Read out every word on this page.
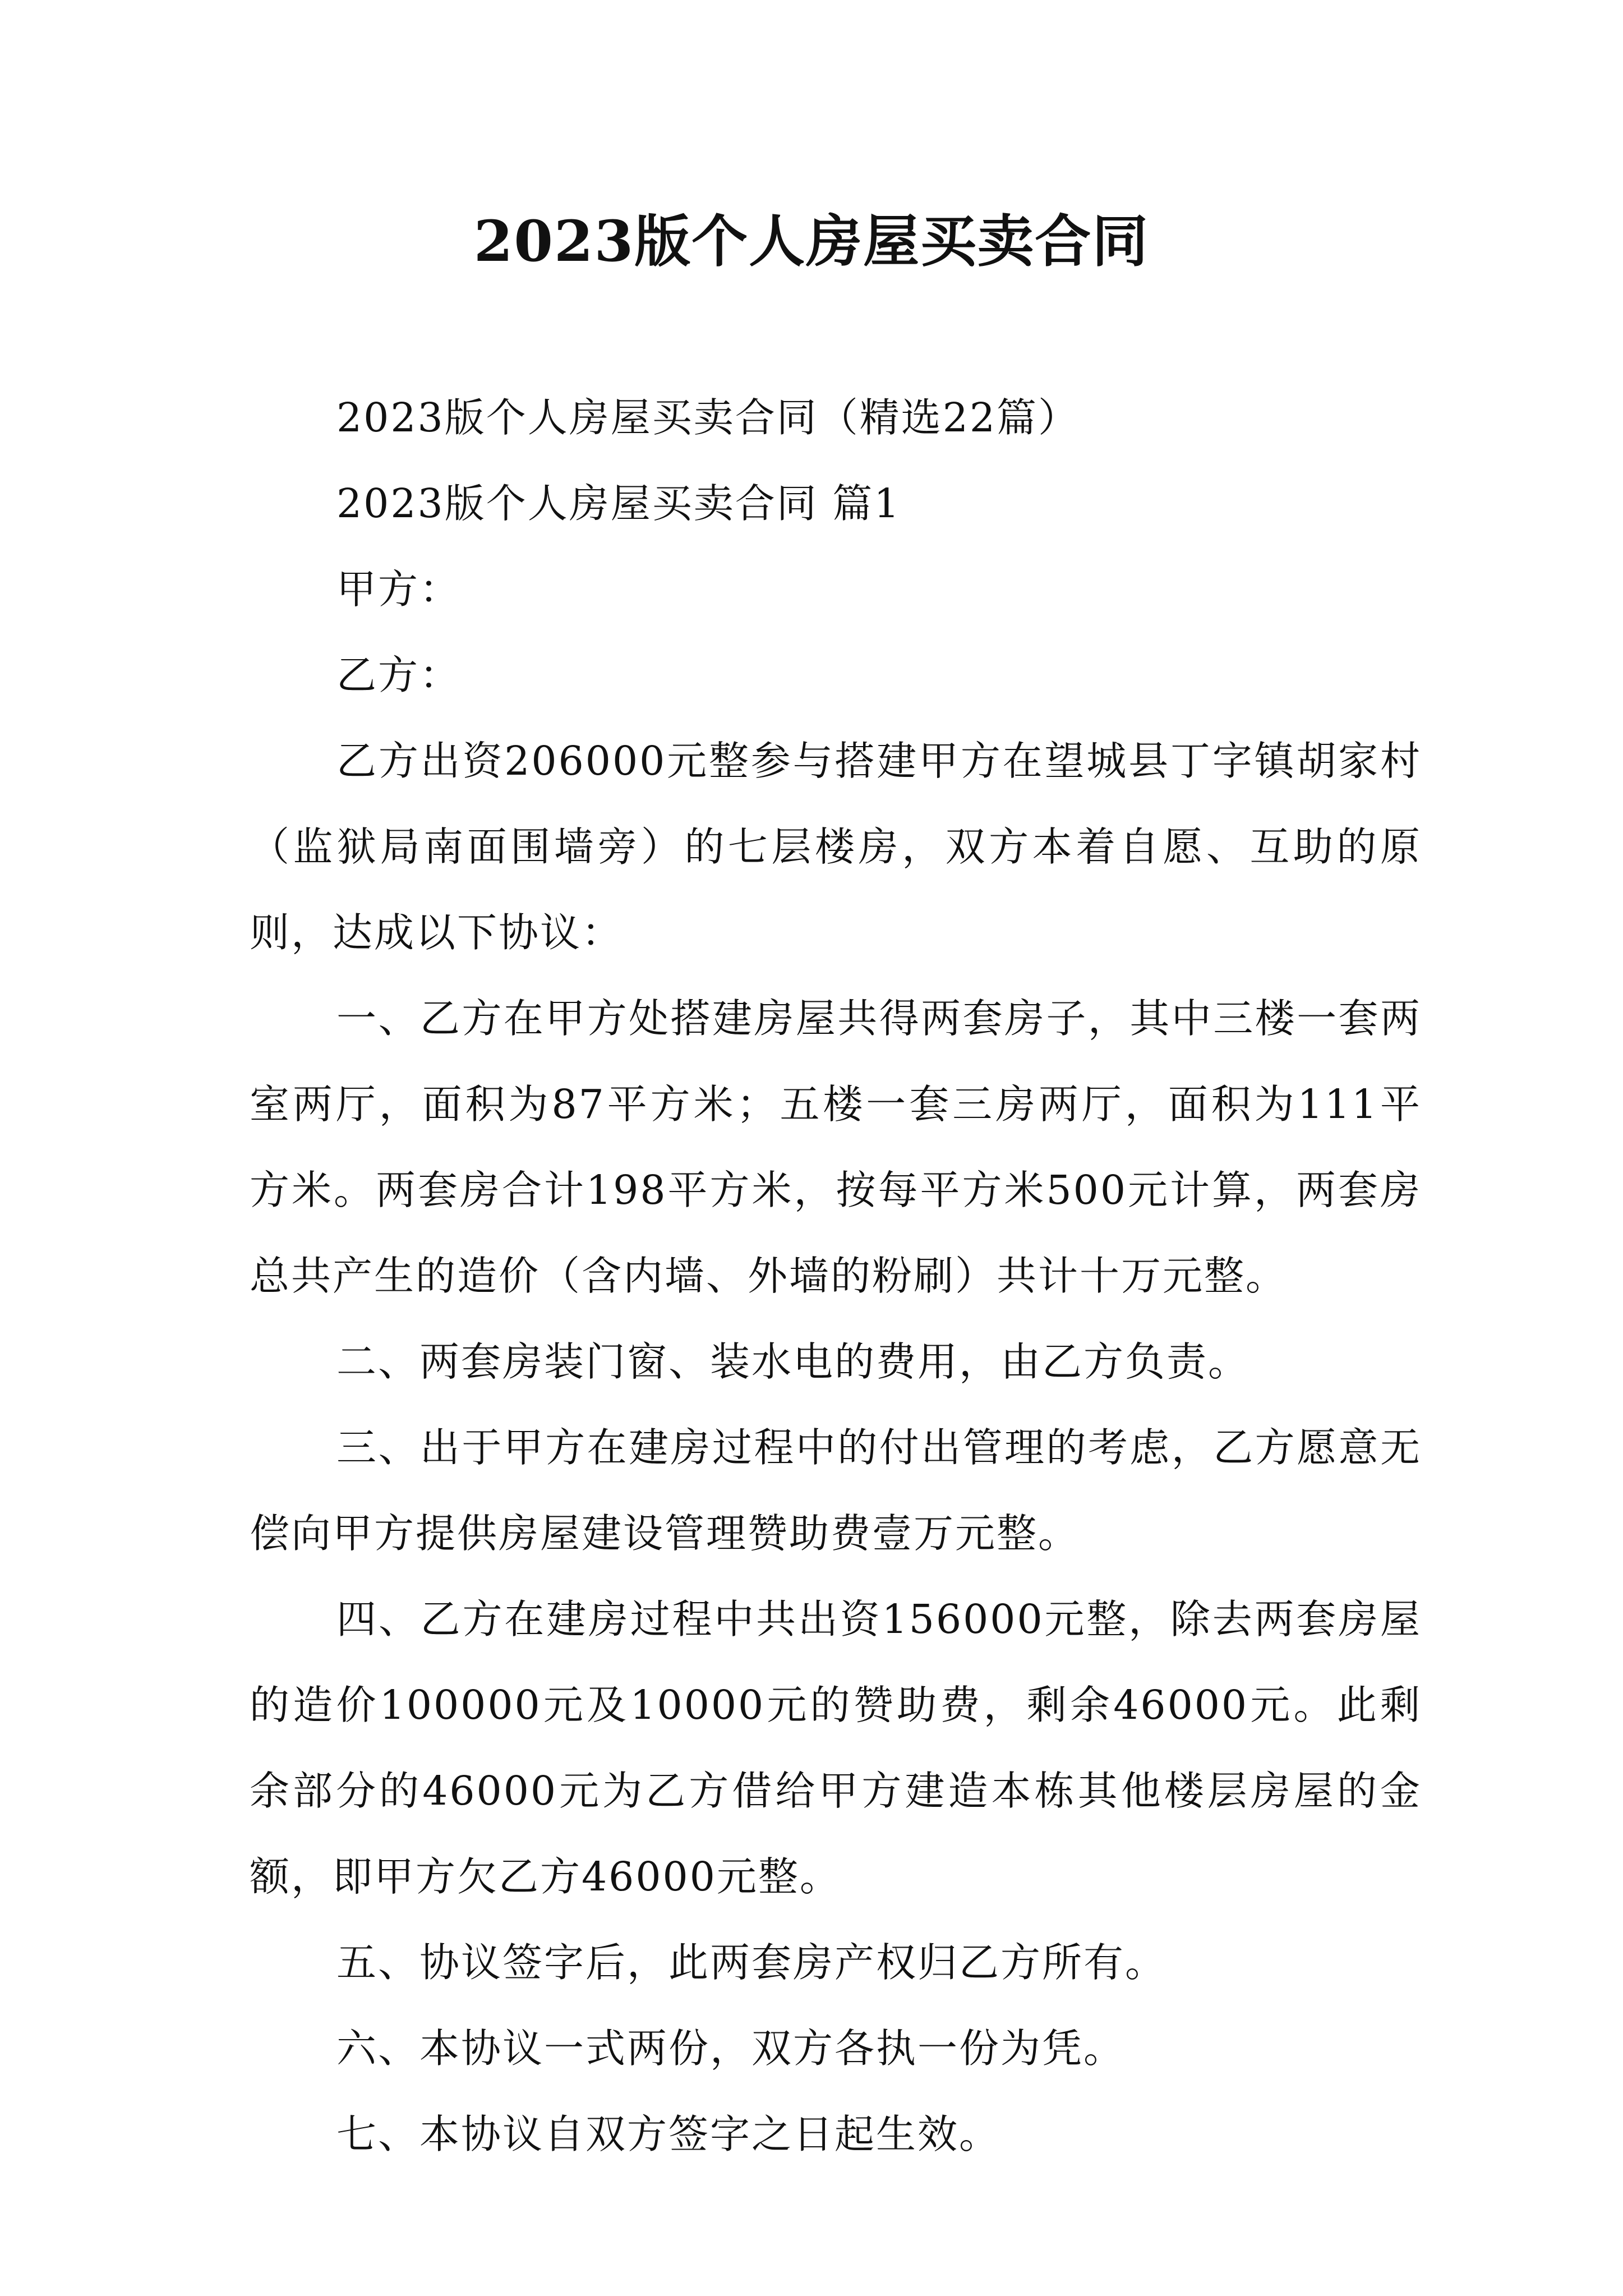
2023版个人房屋买卖合同

2023版个人房屋买卖合同（精选22篇）

2023版个人房屋买卖合同 篇1

甲方：

乙方：

乙方出资206000元整参与搭建甲方在望城县丁字镇胡家村（监狱局南面围墙旁）的七层楼房，双方本着自愿、互助的原则，达成以下协议：

一、乙方在甲方处搭建房屋共得两套房子，其中三楼一套两室两厅，面积为87平方米；五楼一套三房两厅，面积为111平方米。两套房合计198平方米，按每平方米500元计算，两套房总共产生的造价（含内墙、外墙的粉刷）共计十万元整。

二、两套房装门窗、装水电的费用，由乙方负责。

三、出于甲方在建房过程中的付出管理的考虑，乙方愿意无偿向甲方提供房屋建设管理赞助费壹万元整。

四、乙方在建房过程中共出资156000元整，除去两套房屋的造价100000元及10000元的赞助费，剩余46000元。此剩余部分的46000元为乙方借给甲方建造本栋其他楼层房屋的金额，即甲方欠乙方46000元整。

五、协议签字后，此两套房产权归乙方所有。

六、本协议一式两份，双方各执一份为凭。

七、本协议自双方签字之日起生效。
